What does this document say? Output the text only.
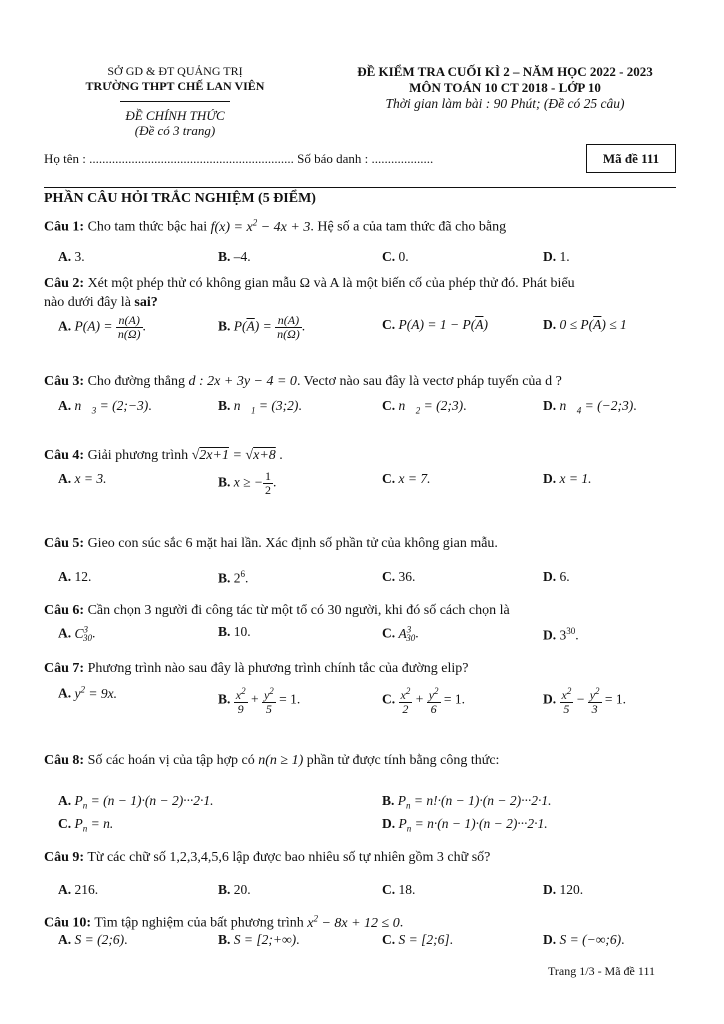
SỞ GD & ĐT QUẢNG TRỊ
TRƯỜNG THPT CHẾ LAN VIÊN
ĐỀ CHÍNH THỨC
(Đề có 3 trang)
ĐỀ KIỂM TRA CUỐI KÌ 2 – NĂM HỌC 2022 - 2023
MÔN TOÁN 10 CT 2018 - LỚP 10
Thời gian làm bài : 90 Phút; (Đề có 25 câu)
Họ tên : ............................................................... Số báo danh : ...................	Mã đề 111
PHẦN CÂU HỎI TRẮC NGHIỆM (5 ĐIỂM)
Câu 1: Cho tam thức bậc hai $f(x) = x^2 - 4x + 3$. Hệ số a của tam thức đã cho bằng
A. 3.	B. –4.	C. 0.	D. 1.
Câu 2: Xét một phép thử có không gian mẫu Ω và A là một biến cố của phép thử đó. Phát biểu
nào dưới đây là sai?
A. $P(A) = \frac{n(A)}{n(\Omega)}$ .	B. $P(\overline{A}) = \frac{n(A)}{n(\Omega)}$ .	C. $P(A) = 1 - P(\overline{A})$	D. $0 \le P(\overline{A}) \le 1$
Câu 3: Cho đường thẳng d : 2x + 3y − 4 = 0. Vectơ nào sau đây là vectơ pháp tuyến của d ?
A. $n⃗_3$ = (2;−3).	B. $n⃗_1$ = (3;2).	C. $n⃗_2$ = (2;3).	D. $n⃗_4$ = (−2;3).
Câu 4: Giải phương trình √2x+1 = √x+8 .
A. x = 3.	B. x ≥ − $\frac{1}{2}$ .	C. x = 7.	D. x = 1.
Câu 5: Gieo con súc sắc 6 mặt hai lần. Xác định số phần tử của không gian mẫu.
A. 12.	B. $2^6$.	C. 36.	D. 6.
Câu 6: Cần chọn 3 người đi công tác từ một tổ có 30 người, khi đó số cách chọn là
A. $C^3_{30}$.	B. 10.	C. $A^3_{30}$.	D. $3^{30}$.
Câu 7: Phương trình nào sau đây là phương trình chính tắc của đường elip?
A. $y^2 = 9x$.	B. $\frac{x^2}{9} + \frac{y^2}{5} = 1$.	C. $\frac{x^2}{2} + \frac{y^2}{6} = 1$.	D. $\frac{x^2}{5} - \frac{y^2}{3} = 1$.
Câu 8: Số các hoán vị của tập hợp có n(n ≥ 1) phần tử được tính bằng công thức:
A. $P_n = (n - 1)\cdot(n - 2)\cdot\cdot\cdot 2\cdot 1$.	B. $P_n = n!\cdot(n - 1)\cdot(n - 2)\cdot\cdot\cdot 2\cdot 1$.
C. $P_n = n$.	D. $P_n = n\cdot(n - 1)\cdot(n - 2)\cdot\cdot\cdot 2\cdot 1$.
Câu 9: Từ các chữ số 1,2,3,4,5,6 lập được bao nhiêu số tự nhiên gồm 3 chữ số?
A. 216.	B. 20.	C. 18.	D. 120.
Câu 10: Tìm tập nghiệm của bất phương trình $x^2 - 8x + 12 \le 0$.
A. S = (2;6).	B. S = [2;+∞).	C. S = [2;6].	D. S = (−∞;6).
Trang 1/3 - Mã đề 111
